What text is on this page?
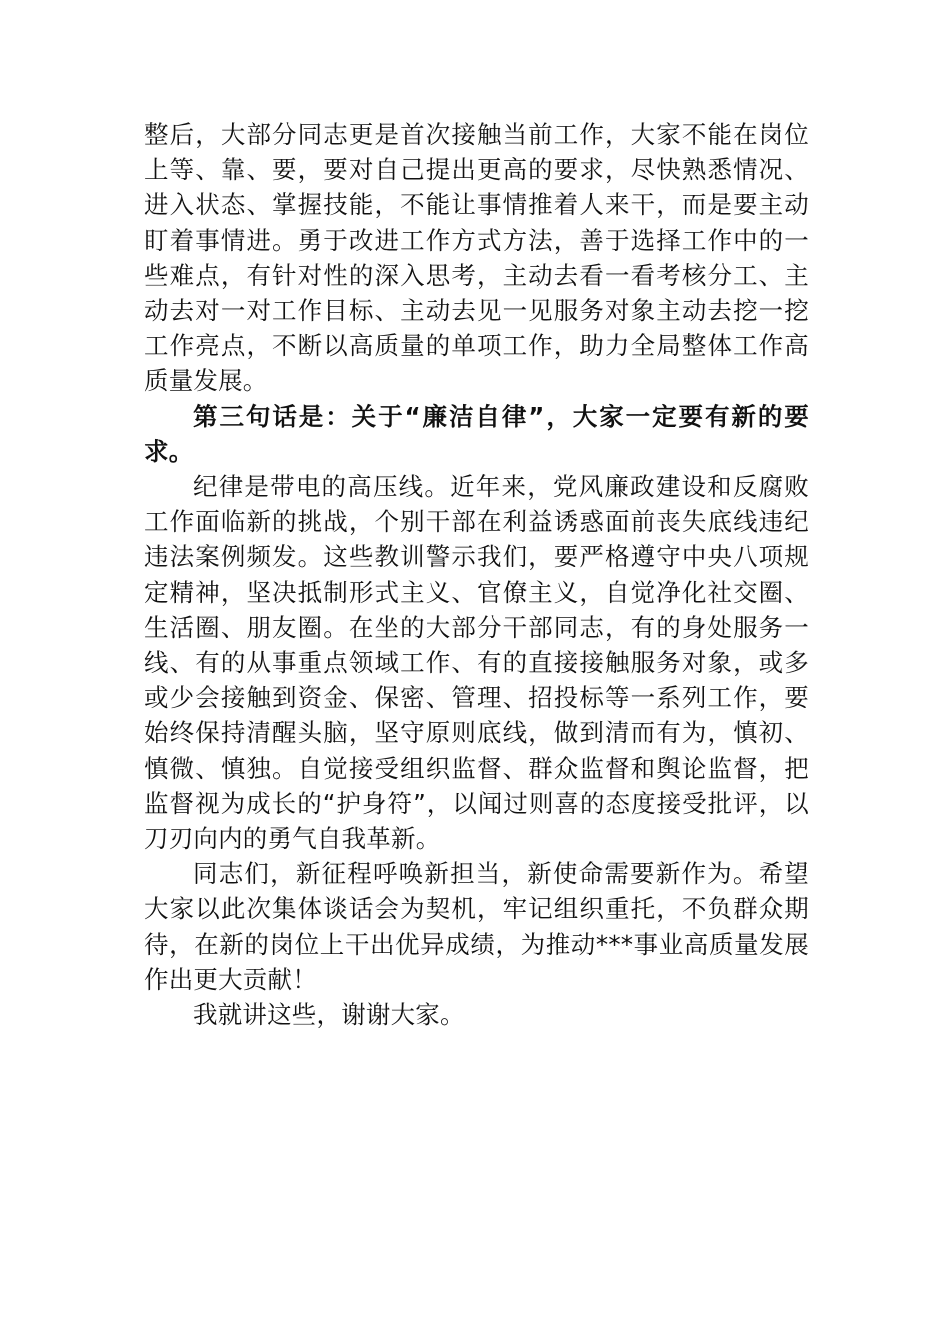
整后，大部分同志更是首次接触当前工作，大家不能在岗位上等、靠、要，要对自己提出更高的要求，尽快熟悉情况、进入状态、掌握技能，不能让事情推着人来干，而是要主动盯着事情进。勇于改进工作方式方法，善于选择工作中的一些难点，有针对性的深入思考，主动去看一看考核分工、主动去对一对工作目标、主动去见一见服务对象主动去挖一挖工作亮点，不断以高质量的单项工作，助力全局整体工作高质量发展。

第三句话是：关于“廉洁自律”，大家一定要有新的要求。

纪律是带电的高压线。近年来，党风廉政建设和反腐败工作面临新的挑战，个别干部在利益诱惑面前丧失底线违纪违法案例频发。这些教训警示我们，要严格遵守中央八项规定精神，坚决抵制形式主义、官僚主义，自觉净化社交圈、生活圈、朋友圈。在坐的大部分干部同志，有的身处服务一线、有的从事重点领域工作、有的直接接触服务对象，或多或少会接触到资金、保密、管理、招投标等一系列工作，要始终保持清醒头脑，坚守原则底线，做到清而有为，慎初、慎微、慎独。自觉接受组织监督、群众监督和舆论监督，把监督视为成长的“护身符”，以闻过则喜的态度接受批评，以刀刃向内的勇气自我革新。

同志们，新征程呼唤新担当，新使命需要新作为。希望大家以此次集体谈话会为契机，牢记组织重托，不负群众期待，在新的岗位上干出优异成绩，为推动***事业高质量发展作出更大贡献！

我就讲这些，谢谢大家。
